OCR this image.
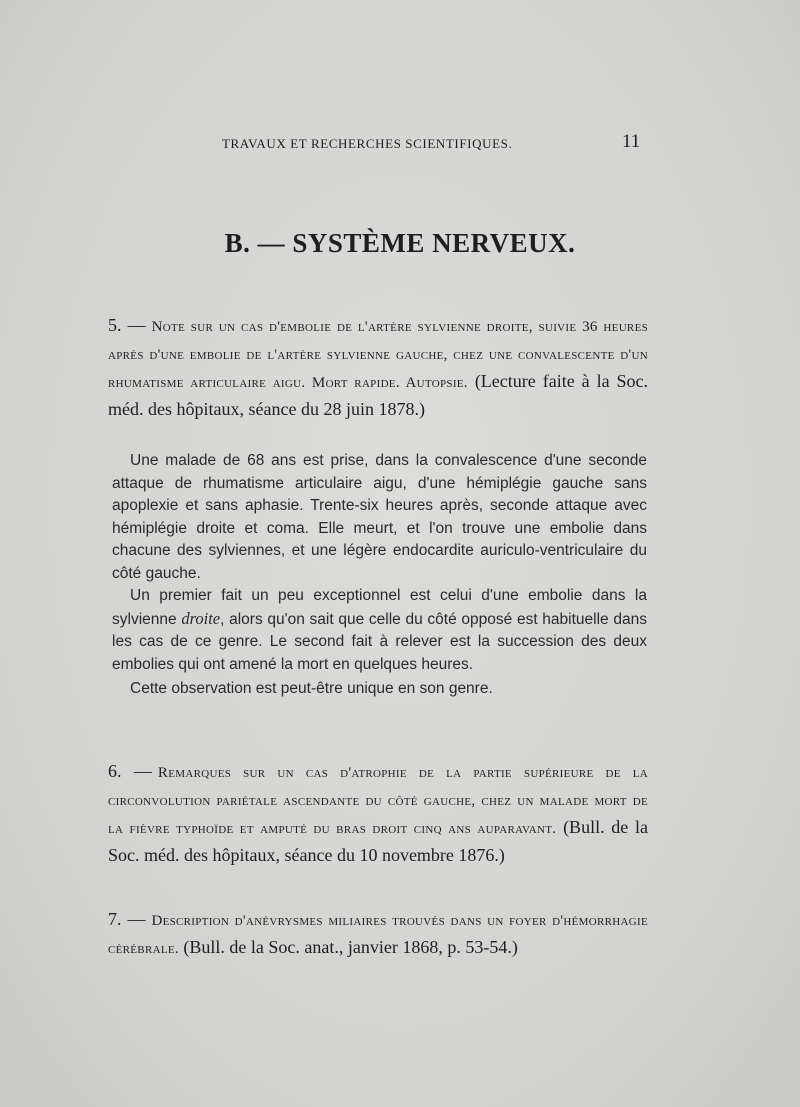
TRAVAUX ET RECHERCHES SCIENTIFIQUES.	11
B. — SYSTÈME NERVEUX.
5. — Note sur un cas d'embolie de l'artère sylvienne droite, suivie 36 heures après d'une embolie de l'artère sylvienne gauche, chez une convalescente d'un rhumatisme articulaire aigu. Mort rapide. Autopsie. (Lecture faite à la Soc. méd. des hôpitaux, séance du 28 juin 1878.)

Une malade de 68 ans est prise, dans la convalescence d'une seconde attaque de rhumatisme articulaire aigu, d'une hémiplégie gauche sans apoplexie et sans aphasie. Trente-six heures après, seconde attaque avec hémiplégie droite et coma. Elle meurt, et l'on trouve une embolie dans chacune des sylviennes, et une légère endocardite auriculo-ventriculaire du côté gauche.

Un premier fait un peu exceptionnel est celui d'une embolie dans la sylvienne droite, alors qu'on sait que celle du côté opposé est habituelle dans les cas de ce genre. Le second fait à relever est la succession des deux embolies qui ont amené la mort en quelques heures.

Cette observation est peut-être unique en son genre.

6. — Remarques sur un cas d'atrophie de la partie supérieure de la circonvolution pariétale ascendante du côté gauche, chez un malade mort de la fièvre typhoïde et amputé du bras droit cinq ans auparavant. (Bull. de la Soc. méd. des hôpitaux, séance du 10 novembre 1876.)
7. — Description d'anévrysmes miliaires trouvés dans un foyer d'hémorrhagie cérébrale. (Bull. de la Soc. anat., janvier 1868, p. 53-54.)
